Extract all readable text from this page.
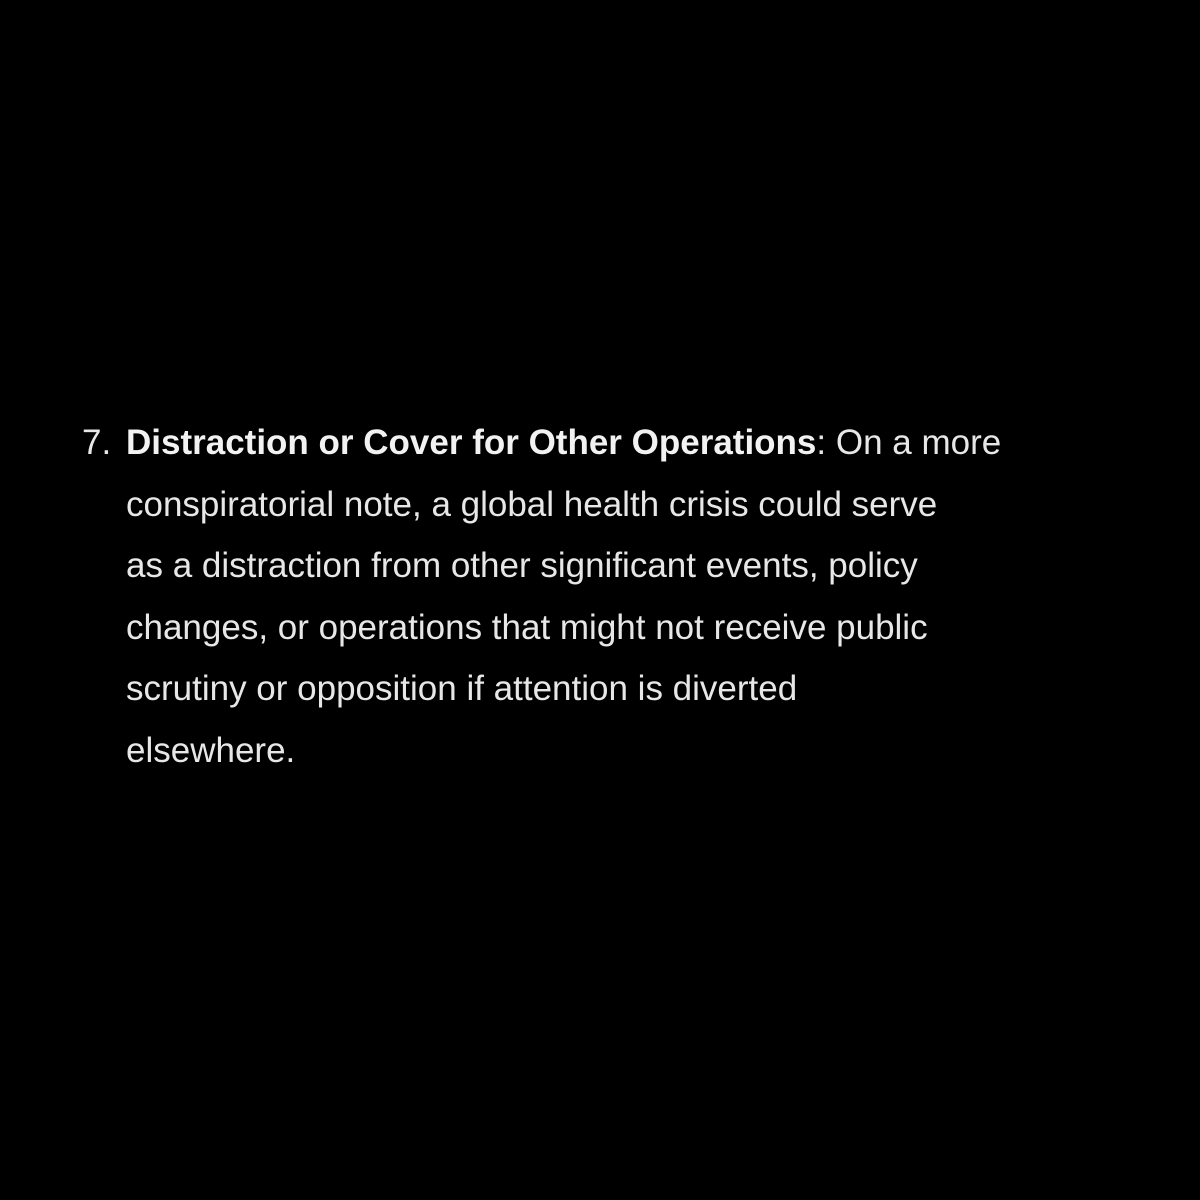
7. Distraction or Cover for Other Operations: On a more
conspiratorial note, a global health crisis could serve
as a distraction from other significant events, policy
changes, or operations that might not receive public
scrutiny or opposition if attention is diverted
elsewhere.
